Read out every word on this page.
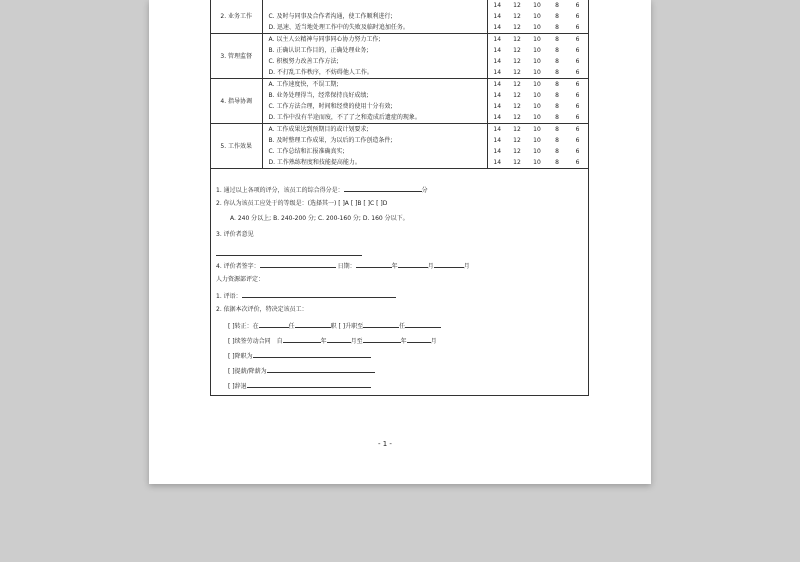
2. 业务工作		14	12	10	8	6
	C. 及时与同事及合作者沟通，使工作顺利进行;	14	12	10	8	6
	D. 迅速、适当地处理工作中的失败及临时追加任务。	14	12	10	8	6
3. 管理监督	A. 以主人公精神与同事同心协力努力工作;	14	12	10	8	6
	B. 正确认识工作目的，正确处理业务;	14	12	10	8	6
	C. 积极努力改善工作方法;	14	12	10	8	6
	D. 不打乱工作秩序，不妨碍他人工作。	14	12	10	8	6
4. 指导协调	A. 工作速度快，不误工期;	14	12	10	8	6
	B. 业务处理得当，经常保持良好成绩;	14	12	10	8	6
	C. 工作方法合理，时间和经费的使用十分有效;	14	12	10	8	6
	D. 工作中没有半途而废，不了了之和造成后遗症的现象。	14	12	10	8	6
5. 工作效果	A. 工作成果达到预期目的或计划要求;	14	12	10	8	6
	B. 及时整理工作成果，为以后的工作创造条件;	14	12	10	8	6
	C. 工作总结和汇报准确真实;	14	12	10	8	6
	D. 工作熟练程度和技能提高能力。	14	12	10	8	6
1. 通过以上各项的评分，该员工的综合得分是：	分
2. 你认为该员工应处于的等级是：(选择其一) [ ]A [ ]B [ ]C [ ]D
A. 240 分以上; B. 240-200 分; C. 200-160 分; D. 160 分以下。
3. 评价者意见
4. 评价者签字：	日期：	年	月	月
人力资源部评定：
1. 评语：
2. 依据本次评价，特决定该员工：
[ ]转正：在	任	职 [ ]升职至	任
[ ]续签劳动合同　自	年	月至	年	月
[ ]降职为
[ ]提薪/降薪为
[ ]辞退
- 1 -
